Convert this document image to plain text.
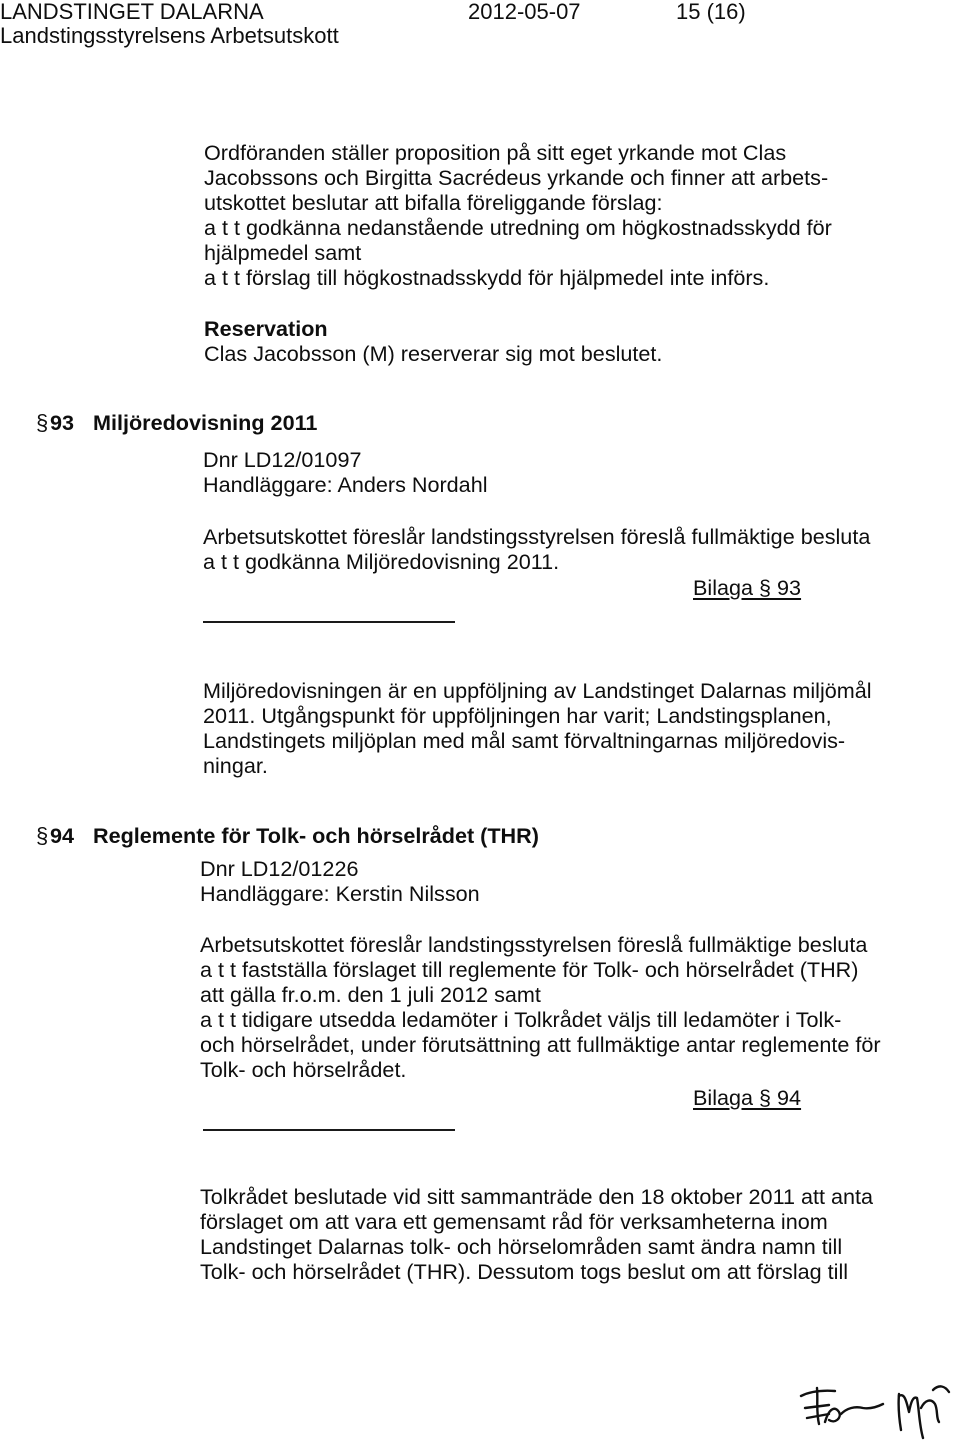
LANDSTINGET DALARNA	2012-05-07	15 (16)
Landstingsstyrelsens Arbetsutskott
Ordföranden ställer proposition på sitt eget yrkande mot Clas
Jacobssons och Birgitta Sacrédeus yrkande och finner att arbets-
utskottet beslutar att bifalla föreliggande förslag:
a t t godkänna nedanstående utredning om högkostnadsskydd för
hjälpmedel samt
a t t förslag till högkostnadsskydd för hjälpmedel inte införs.
Reservation
Clas Jacobsson (M) reserverar sig mot beslutet.
§ 93 Miljöredovisning 2011
Dnr LD12/01097
Handläggare: Anders Nordahl
Arbetsutskottet föreslår landstingsstyrelsen föreslå fullmäktige besluta
a t t godkänna Miljöredovisning 2011.
Bilaga § 93
Miljöredovisningen är en uppföljning av Landstinget Dalarnas miljömål
2011. Utgångspunkt för uppföljningen har varit; Landstingsplanen,
Landstingets miljöplan med mål samt förvaltningarnas miljöredovis-
ningar.
§ 94 Reglemente för Tolk- och hörselrådet (THR)
Dnr LD12/01226
Handläggare: Kerstin Nilsson
Arbetsutskottet föreslår landstingsstyrelsen föreslå fullmäktige besluta
a t t fastställa förslaget till reglemente för Tolk- och hörselrådet (THR)
att gälla fr.o.m. den 1 juli 2012 samt
a t t tidigare utsedda ledamöter i Tolkrådet väljs till ledamöter i Tolk-
och hörselrådet, under förutsättning att fullmäktige antar reglemente för
Tolk- och hörselrådet.
Bilaga § 94
Tolkrådet beslutade vid sitt sammanträde den 18 oktober 2011 att anta
förslaget om att vara ett gemensamt råd för verksamheterna inom
Landstinget Dalarnas tolk- och hörselområden samt ändra namn till
Tolk- och hörselrådet (THR). Dessutom togs beslut om att förslag till
